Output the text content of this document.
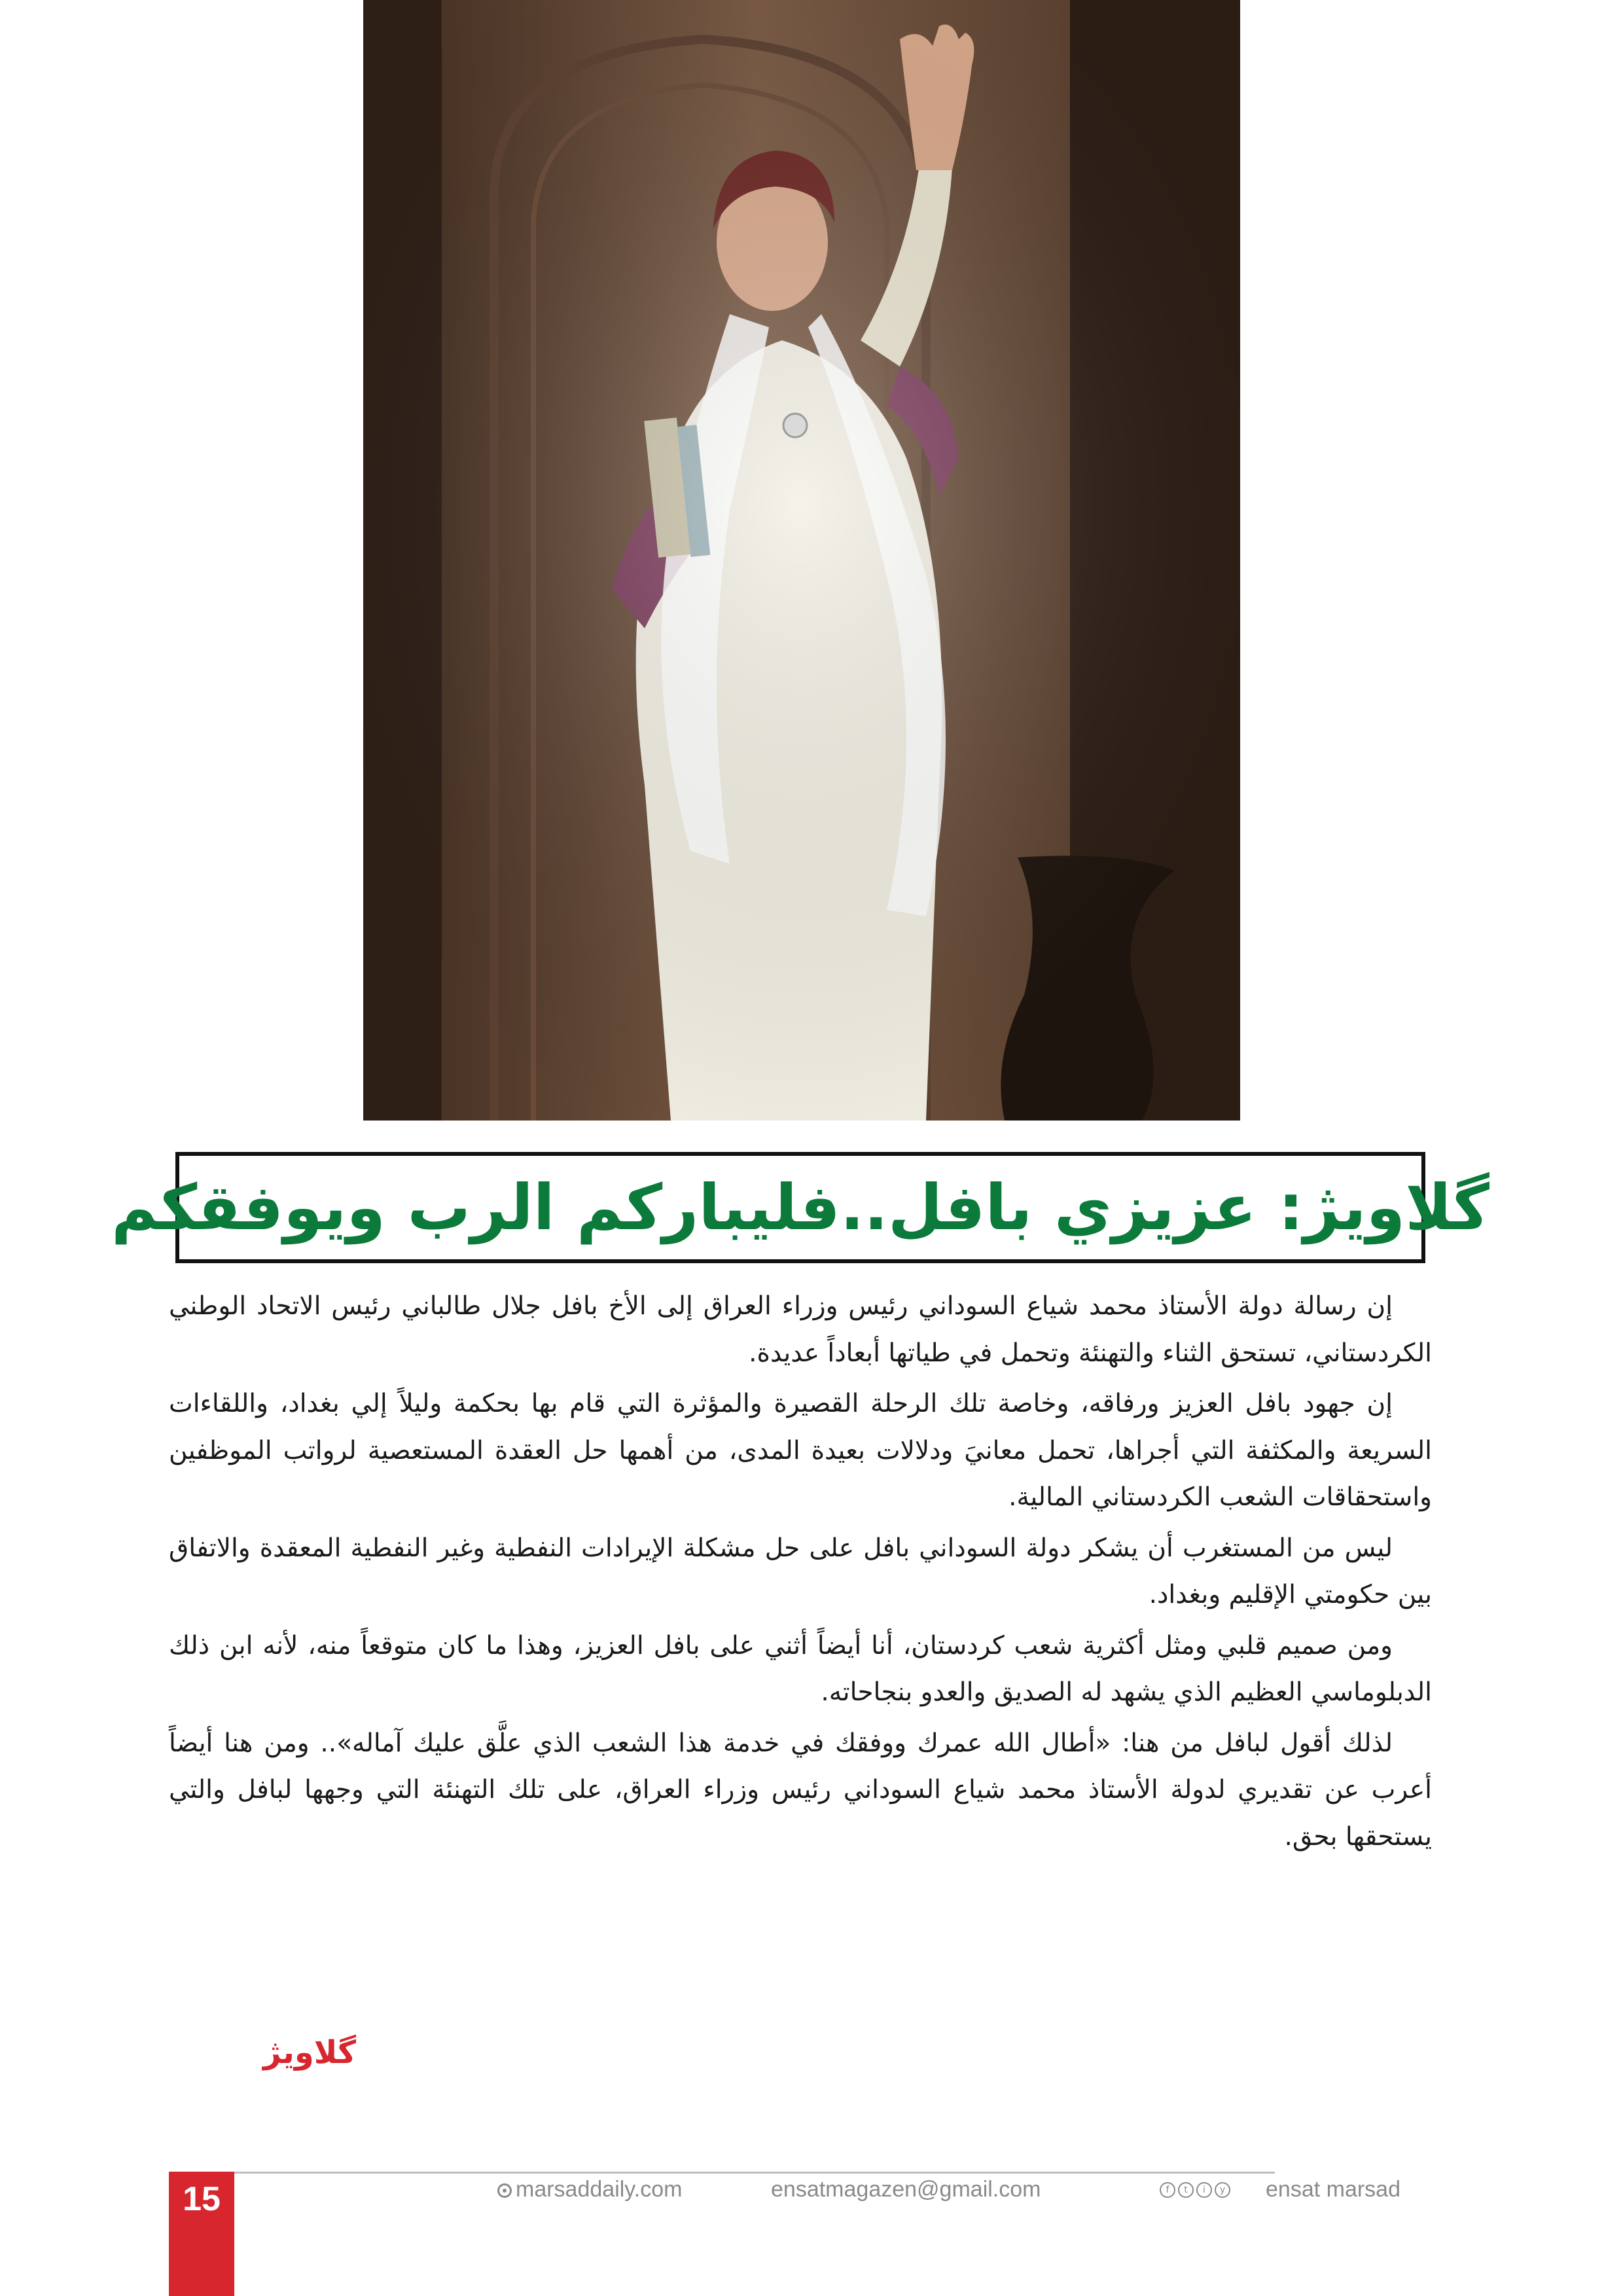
گلاویژ: عزیزي بافل..فليباركم الرب ويوفقكم

إن رسالة دولة الأستاذ محمد شياع السوداني رئيس وزراء العراق إلى الأخ بافل جلال طالباني رئيس الاتحاد الوطني الكردستاني، تستحق الثناء والتهنئة وتحمل في طياتها أبعاداً عديدة.

إن جهود بافل العزيز ورفاقه، وخاصة تلك الرحلة القصيرة والمؤثرة التي قام بها بحكمة وليلاً إلي بغداد، واللقاءات السريعة والمكثفة التي أجراها، تحمل معانيَ ودلالات بعيدة المدى، من أهمها حل العقدة المستعصية لرواتب الموظفين واستحقاقات الشعب الكردستاني المالية.

ليس من المستغرب أن يشكر دولة السوداني بافل على حل مشكلة الإيرادات النفطية وغير النفطية المعقدة والاتفاق بين حكومتي الإقليم وبغداد.

ومن صميم قلبي ومثل أكثرية شعب كردستان، أنا أيضاً أثني على بافل العزيز، وهذا ما كان متوقعاً منه، لأنه ابن ذلك الدبلوماسي العظيم الذي يشهد له الصديق والعدو بنجاحاته.

لذلك أقول لبافل من هنا: «أطال الله عمرك ووفقك في خدمة هذا الشعب الذي علَّق عليك آماله».. ومن هنا أيضاً أعرب عن تقديري لدولة الأستاذ محمد شياع السوداني رئيس وزراء العراق، على تلك التهنئة التي وجهها لبافل والتي يستحقها بحق.

گلاویژ
15	marsaddaily.com	ensatmagazen@gmail.com	f	t	i	y ensat marsad
